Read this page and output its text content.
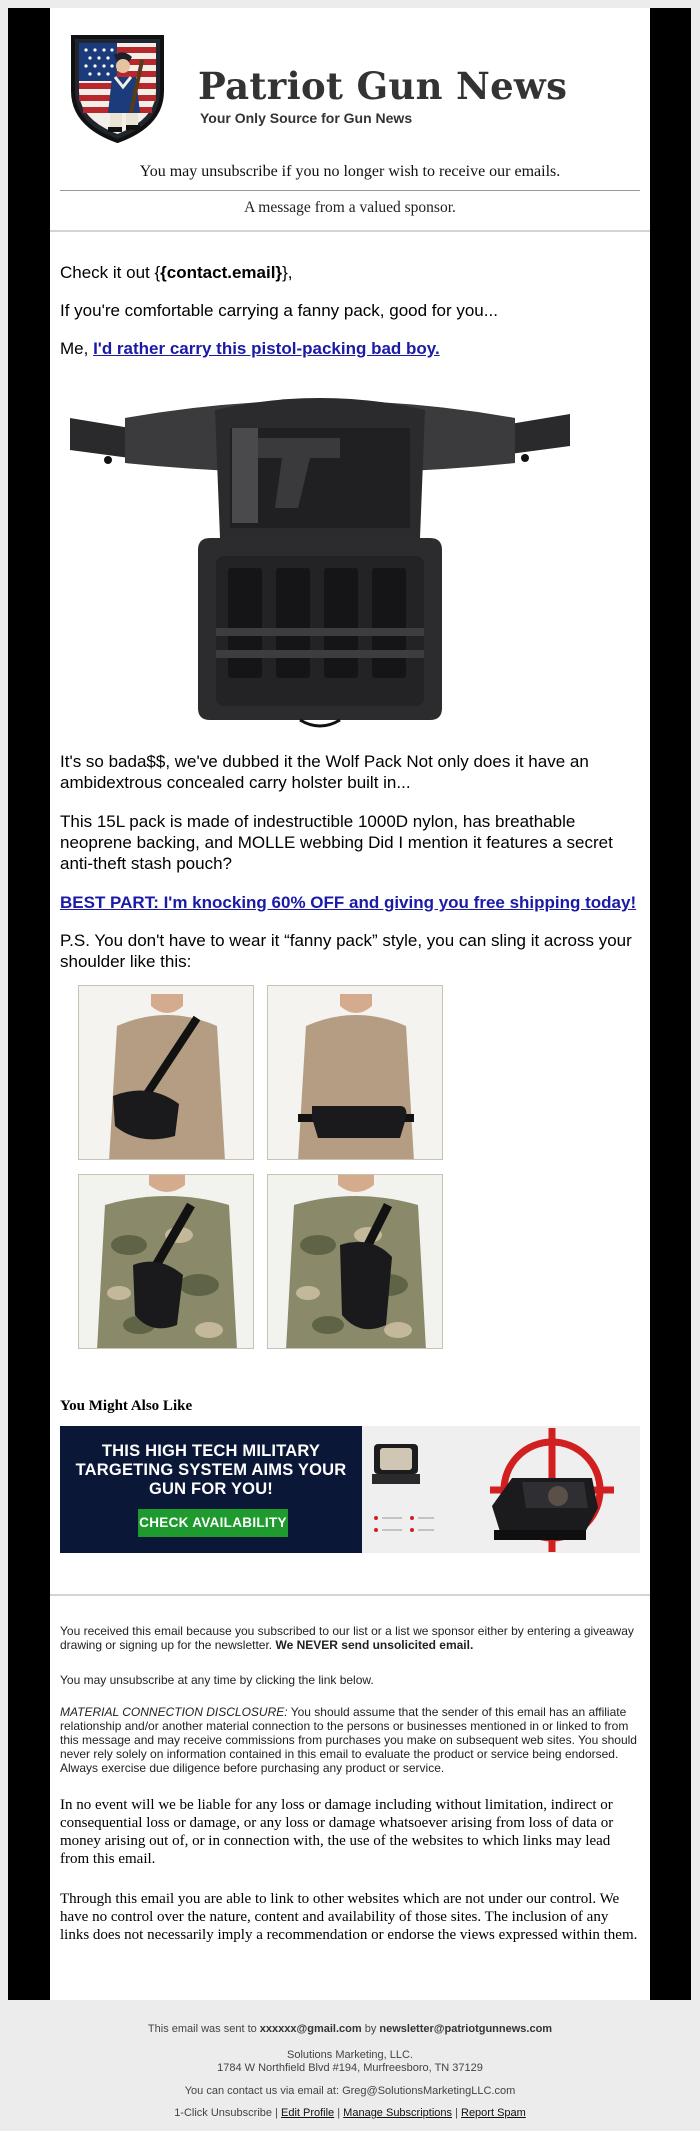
Patriot Gun News
Your Only Source for Gun News
You may unsubscribe if you no longer wish to receive our emails.
A message from a valued sponsor.
Check it out {{contact.email}},
If you're comfortable carrying a fanny pack, good for you...
Me, I'd rather carry this pistol-packing bad boy.
It's so bada$$, we've dubbed it the Wolf Pack Not only does it have an ambidextrous concealed carry holster built in...
This 15L pack is made of indestructible 1000D nylon, has breathable neoprene backing, and MOLLE webbing Did I mention it features a secret anti-theft stash pouch?
BEST PART: I'm knocking 60% OFF and giving you free shipping today!
P.S. You don't have to wear it “fanny pack” style, you can sling it across your shoulder like this:
You Might Also Like
THIS HIGH TECH MILITARY TARGETING SYSTEM AIMS YOUR GUN FOR YOU!
CHECK AVAILABILITY
You received this email because you subscribed to our list or a list we sponsor either by entering a giveaway drawing or signing up for the newsletter. We NEVER send unsolicited email.
You may unsubscribe at any time by clicking the link below.
MATERIAL CONNECTION DISCLOSURE: You should assume that the sender of this email has an affiliate relationship and/or another material connection to the persons or businesses mentioned in or linked to from this message and may receive commissions from purchases you make on subsequent web sites. You should never rely solely on information contained in this email to evaluate the product or service being endorsed. Always exercise due diligence before purchasing any product or service.
In no event will we be liable for any loss or damage including without limitation, indirect or consequential loss or damage, or any loss or damage whatsoever arising from loss of data or money arising out of, or in connection with, the use of the websites to which links may lead from this email.
Through this email you are able to link to other websites which are not under our control. We have no control over the nature, content and availability of those sites. The inclusion of any links does not necessarily imply a recommendation or endorse the views expressed within them.
This email was sent to xxxxxx@gmail.com by newsletter@patriotgunnews.com
Solutions Marketing, LLC.
1784 W Northfield Blvd #194, Murfreesboro, TN 37129
You can contact us via email at: Greg@SolutionsMarketingLLC.com
1-Click Unsubscribe | Edit Profile | Manage Subscriptions | Report Spam
